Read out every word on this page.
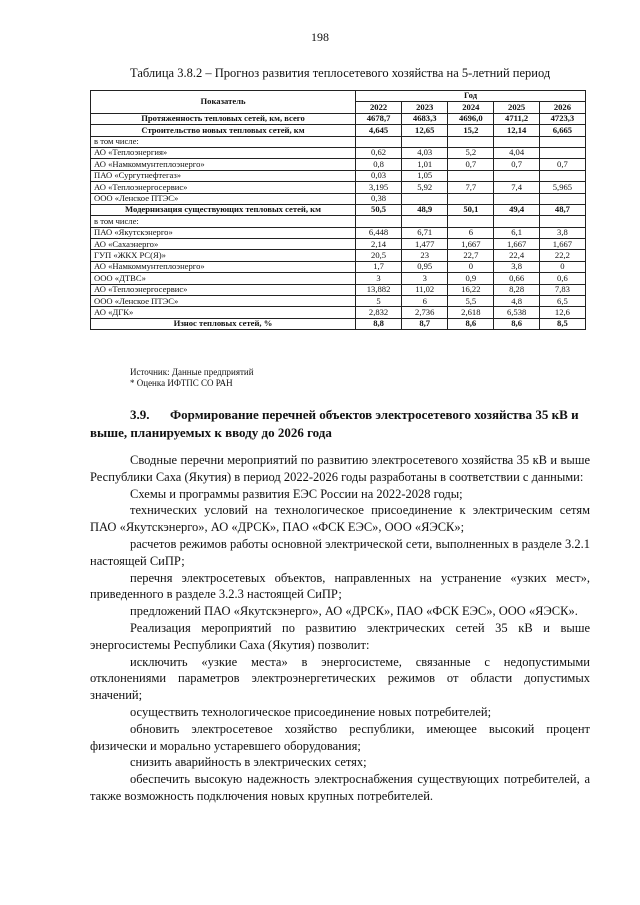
198
Таблица 3.8.2 – Прогноз развития теплосетевого хозяйства на 5-летний период
Показатель	Год				
	2022	2023	2024	2025	2026
Протяженность тепловых сетей, км, всего	4678,7	4683,3	4696,0	4711,2	4723,3
Строительство новых тепловых сетей, км	4,645	12,65	15,2	12,14	6,665
в том числе:					
АО «Теплоэнергия»	0,62	4,03	5,2	4,04	
АО «Намкоммунтеплоэнерго»	0,8	1,01	0,7	0,7	0,7
ПАО «Сургутнефтегаз»	0,03	1,05			
АО «Теплоэнергосервис»	3,195	5,92	7,7	7,4	5,965
ООО «Ленское ПТЭС»	0,38				
Модернизация существующих тепловых сетей, км	50,5	48,9	50,1	49,4	48,7
в том числе:					
ПАО «Якутскэнерго»	6,448	6,71	6	6,1	3,8
АО «Сахаэнерго»	2,14	1,477	1,667	1,667	1,667
ГУП «ЖКХ РС(Я)»	20,5	23	22,7	22,4	22,2
АО «Намкоммунтеплоэнерго»	1,7	0,95	0	3,8	0
ООО «ДТВС»	3	3	0,9	0,66	0,6
АО «Теплоэнергосервис»	13,882	11,02	16,22	8,28	7,83
ООО «Ленское ПТЭС»	5	6	5,5	4,8	6,5
АО «ДГК»	2,832	2,736	2,618	6,538	12,6
Износ тепловых сетей, %	8,8	8,7	8,6	8,6	8,5
Источник: Данные предприятий
* Оценка ИФТПС СО РАН
3.9. Формирование перечней объектов электросетевого хозяйства 35 кВ и выше, планируемых к вводу до 2026 года

Сводные перечни мероприятий по развитию электросетевого хозяйства 35 кВ и выше Республики Саха (Якутия) в период 2022-2026 годы разработаны в соответствии с данными:

Схемы и программы развития ЕЭС России на 2022-2028 годы;

технических условий на технологическое присоединение к электрическим сетям ПАО «Якутскэнерго», АО «ДРСК», ПАО «ФСК ЕЭС», ООО «ЯЭСК»;

расчетов режимов работы основной электрической сети, выполненных в разделе 3.2.1 настоящей СиПР;

перечня электросетевых объектов, направленных на устранение «узких мест», приведенного в разделе 3.2.3 настоящей СиПР;

предложений ПАО «Якутскэнерго», АО «ДРСК», ПАО «ФСК ЕЭС», ООО «ЯЭСК».

Реализация мероприятий по развитию электрических сетей 35 кВ и выше энергосистемы Республики Саха (Якутия) позволит:

исключить «узкие места» в энергосистеме, связанные с недопустимыми отклонениями параметров электроэнергетических режимов от области допустимых значений;

осуществить технологическое присоединение новых потребителей;

обновить электросетевое хозяйство республики, имеющее высокий процент физически и морально устаревшего оборудования;

снизить аварийность в электрических сетях;

обеспечить высокую надежность электроснабжения существующих потребителей, а также возможность подключения новых крупных потребителей.
